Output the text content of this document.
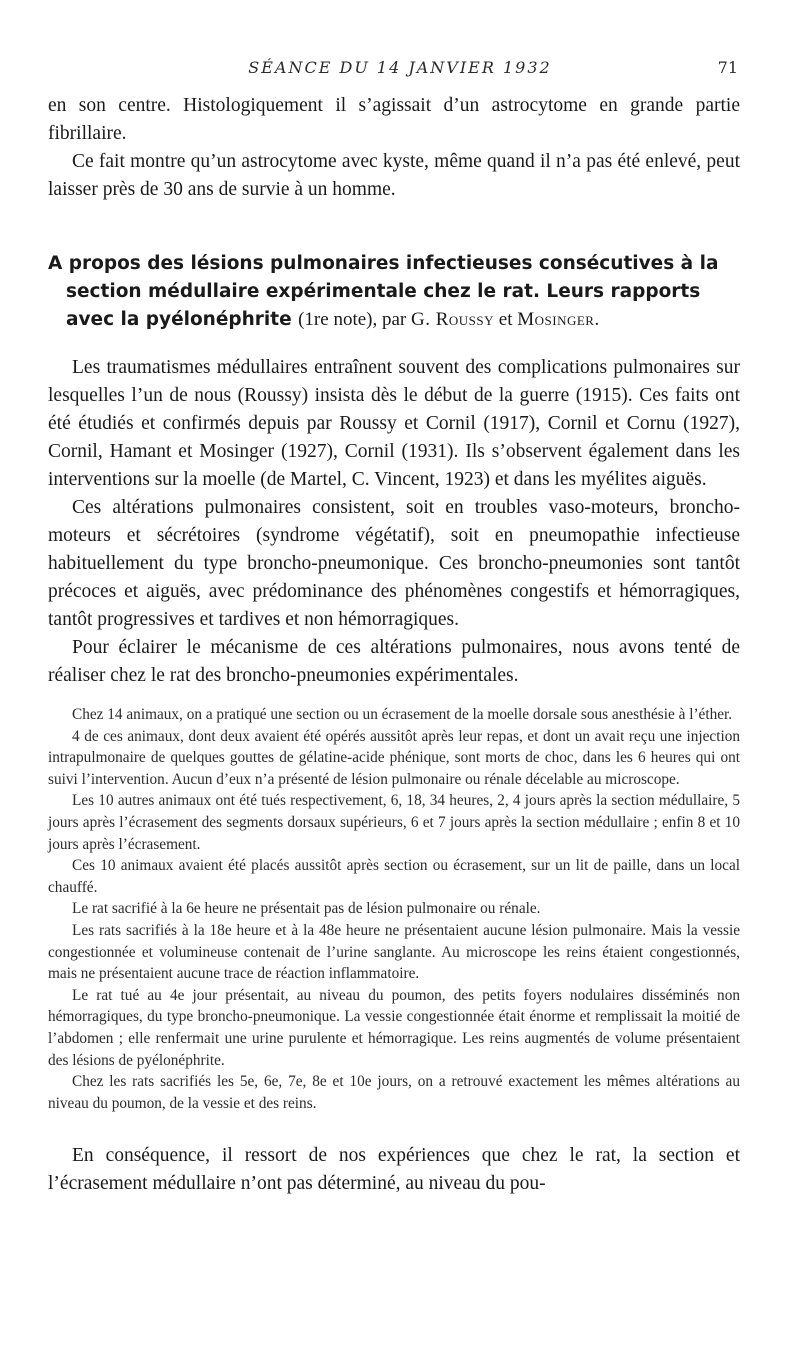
SÉANCE DU 14 JANVIER 1932	71

en son centre. Histologiquement il s’agissait d’un astrocytome en grande partie fibrillaire.

Ce fait montre qu’un astrocytome avec kyste, même quand il n’a pas été enlevé, peut laisser près de 30 ans de survie à un homme.

A propos des lésions pulmonaires infectieuses consécutives à la section médullaire expérimentale chez le rat. Leurs rapports avec la pyélonéphrite (1re note), par G. Roussy et Mosinger.

Les traumatismes médullaires entraînent souvent des complications pulmonaires sur lesquelles l’un de nous (Roussy) insista dès le début de la guerre (1915). Ces faits ont été étudiés et confirmés depuis par Roussy et Cornil (1917), Cornil et Cornu (1927), Cornil, Hamant et Mosinger (1927), Cornil (1931). Ils s’observent également dans les interventions sur la moelle (de Martel, C. Vincent, 1923) et dans les myélites aiguës.

Ces altérations pulmonaires consistent, soit en troubles vaso-moteurs, broncho-moteurs et sécrétoires (syndrome végétatif), soit en pneumopathie infectieuse habituellement du type broncho-pneumonique. Ces broncho-pneumonies sont tantôt précoces et aiguës, avec prédominance des phénomènes congestifs et hémorragiques, tantôt progressives et tardives et non hémorragiques.

Pour éclairer le mécanisme de ces altérations pulmonaires, nous avons tenté de réaliser chez le rat des broncho-pneumonies expérimentales.

Chez 14 animaux, on a pratiqué une section ou un écrasement de la moelle dorsale sous anesthésie à l’éther.

4 de ces animaux, dont deux avaient été opérés aussitôt après leur repas, et dont un avait reçu une injection intrapulmonaire de quelques gouttes de gélatine-acide phénique, sont morts de choc, dans les 6 heures qui ont suivi l’intervention. Aucun d’eux n’a présenté de lésion pulmonaire ou rénale décelable au microscope.

Les 10 autres animaux ont été tués respectivement, 6, 18, 34 heures, 2, 4 jours après la section médullaire, 5 jours après l’écrasement des segments dorsaux supérieurs, 6 et 7 jours après la section médullaire ; enfin 8 et 10 jours après l’écrasement.

Ces 10 animaux avaient été placés aussitôt après section ou écrasement, sur un lit de paille, dans un local chauffé.

Le rat sacrifié à la 6e heure ne présentait pas de lésion pulmonaire ou rénale.

Les rats sacrifiés à la 18e heure et à la 48e heure ne présentaient aucune lésion pulmonaire. Mais la vessie congestionnée et volumineuse contenait de l’urine sanglante. Au microscope les reins étaient congestionnés, mais ne présentaient aucune trace de réaction inflammatoire.

Le rat tué au 4e jour présentait, au niveau du poumon, des petits foyers nodulaires disséminés non hémorragiques, du type broncho-pneumonique. La vessie congestionnée était énorme et remplissait la moitié de l’abdomen ; elle renfermait une urine purulente et hémorragique. Les reins augmentés de volume présentaient des lésions de pyélonéphrite.

Chez les rats sacrifiés les 5e, 6e, 7e, 8e et 10e jours, on a retrouvé exactement les mêmes altérations au niveau du poumon, de la vessie et des reins.

En conséquence, il ressort de nos expériences que chez le rat, la section et l’écrasement médullaire n’ont pas déterminé, au niveau du pou-
